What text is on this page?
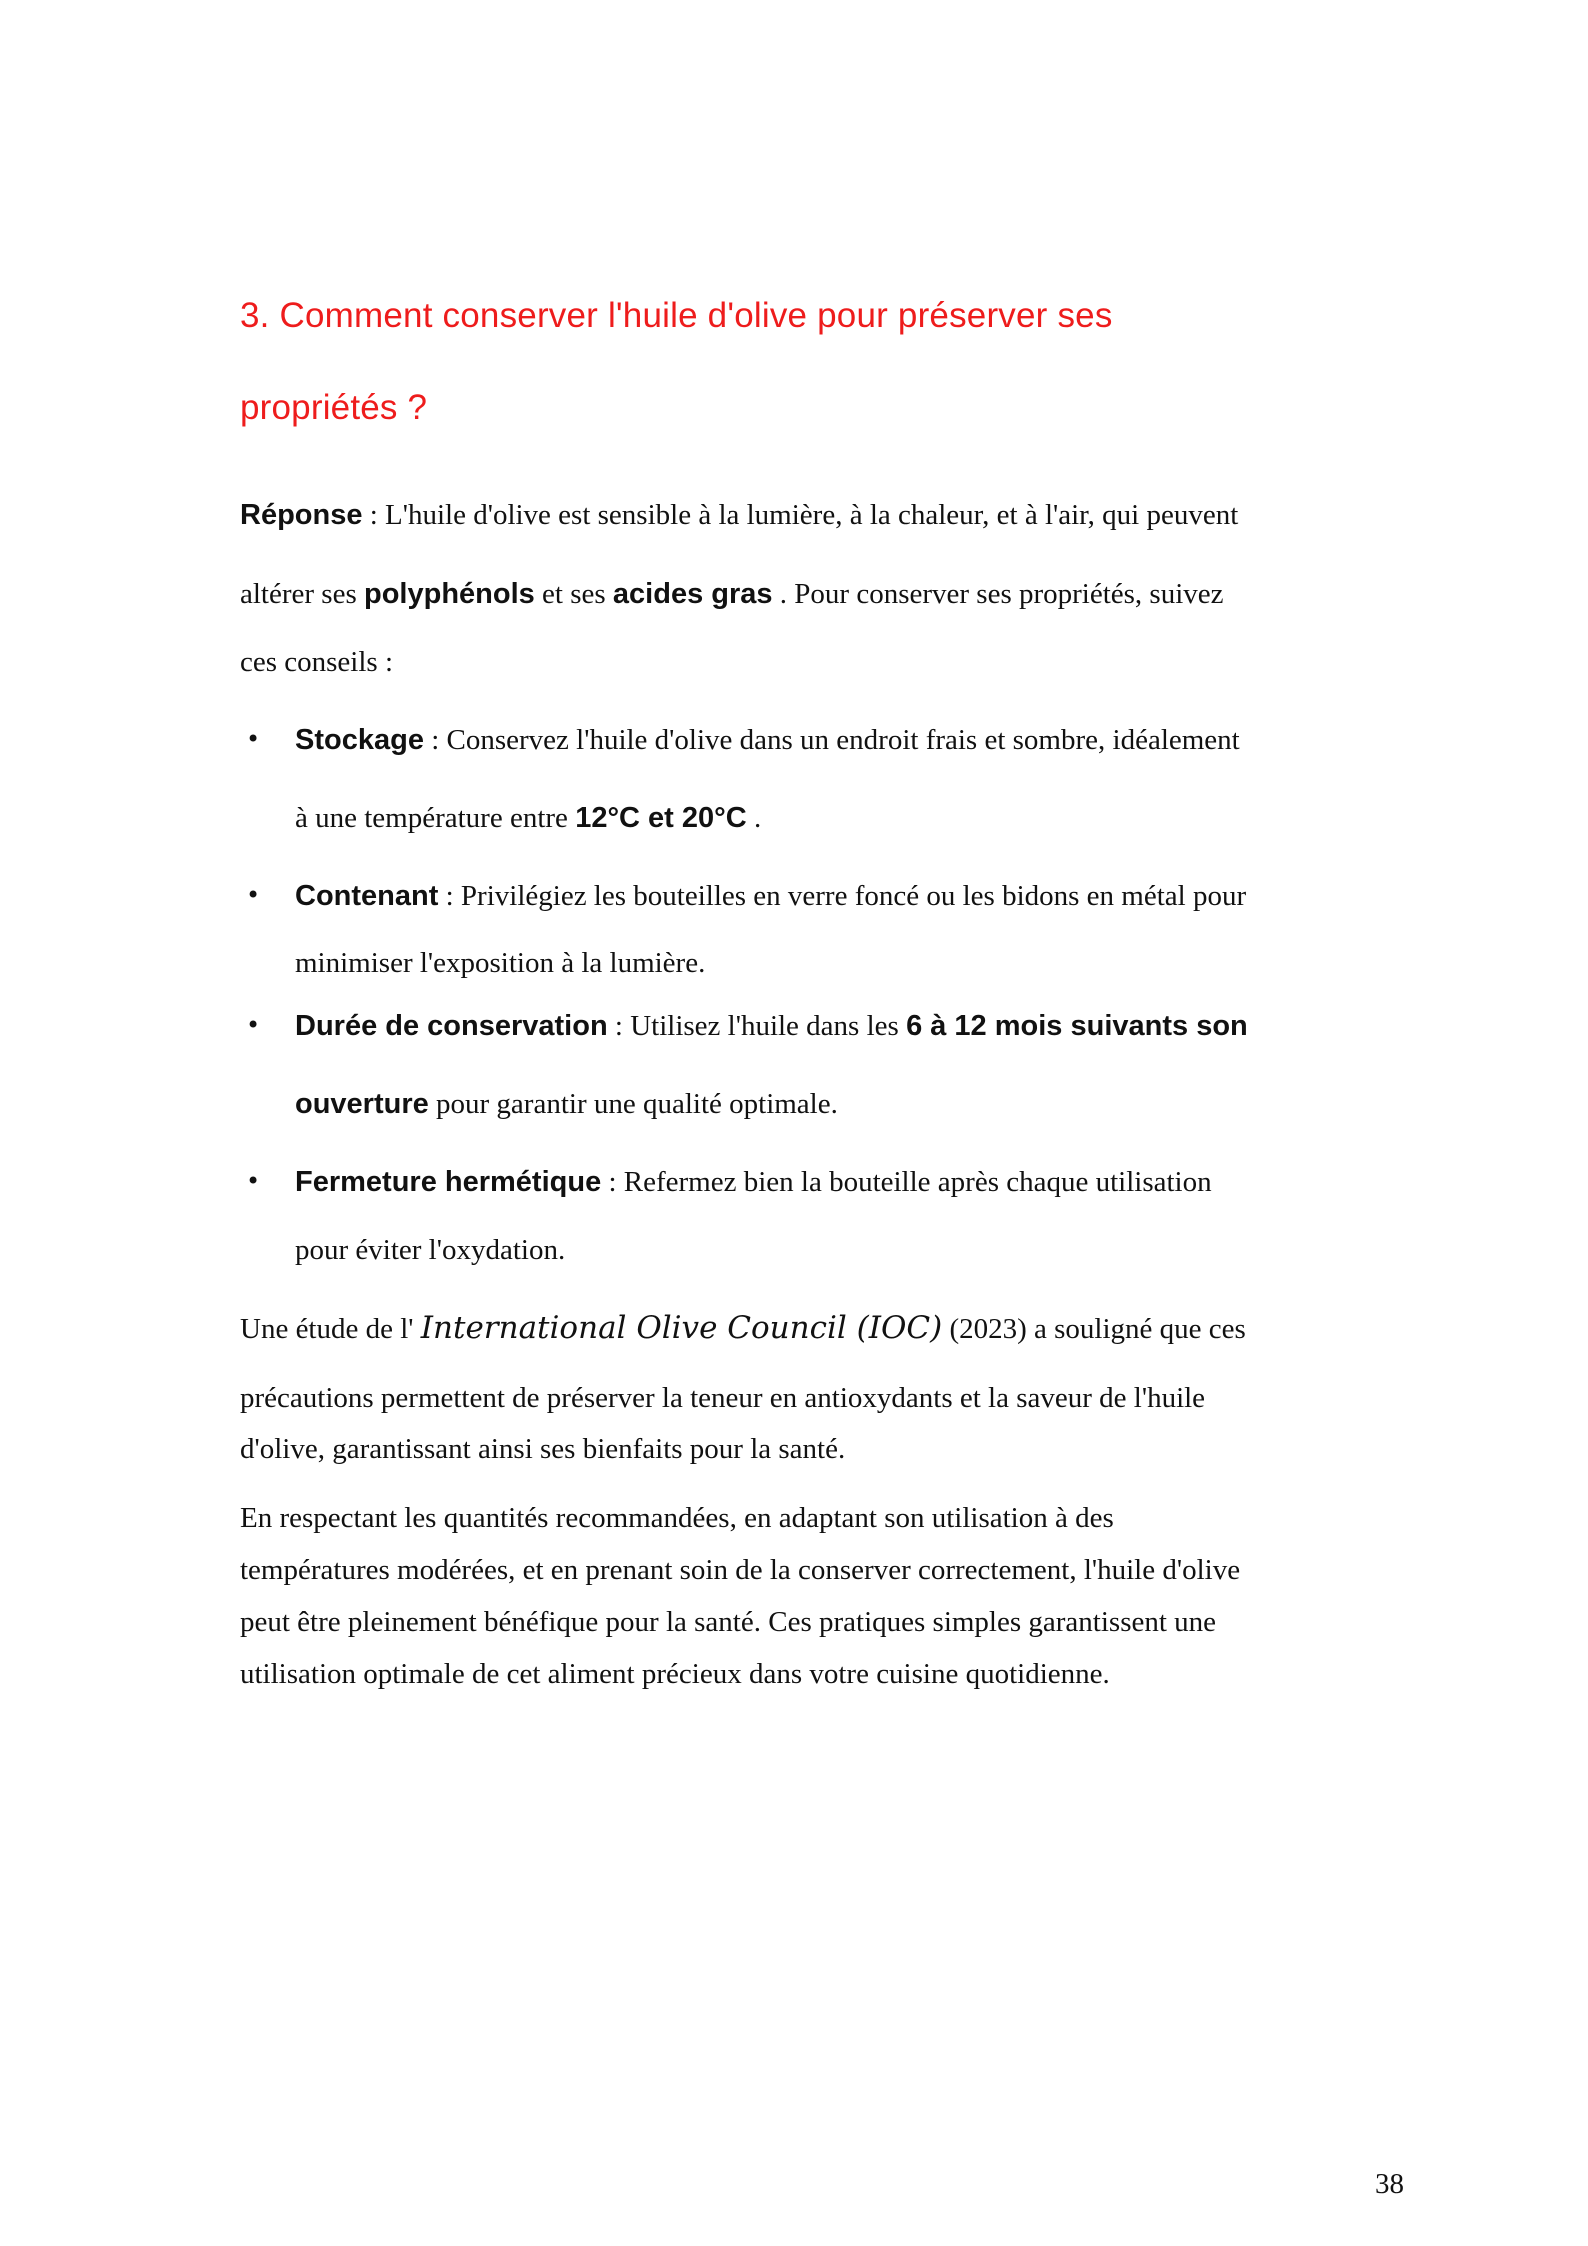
3. Comment conserver l'huile d'olive pour préserver ses
propriétés ?
Réponse : L'huile d'olive est sensible à la lumière, à la chaleur, et à l'air, qui peuvent
altérer ses polyphénols et ses acides gras . Pour conserver ses propriétés, suivez
ces conseils :
• Stockage : Conservez l'huile d'olive dans un endroit frais et sombre, idéalement
à une température entre 12°C et 20°C .
• Contenant : Privilégiez les bouteilles en verre foncé ou les bidons en métal pour
minimiser l'exposition à la lumière.
• Durée de conservation : Utilisez l'huile dans les 6 à 12 mois suivants son
ouverture pour garantir une qualité optimale.
• Fermeture hermétique : Refermez bien la bouteille après chaque utilisation
pour éviter l'oxydation.
Une étude de l' International Olive Council (IOC) (2023) a souligné que ces
précautions permettent de préserver la teneur en antioxydants et la saveur de l'huile
d'olive, garantissant ainsi ses bienfaits pour la santé.
En respectant les quantités recommandées, en adaptant son utilisation à des
températures modérées, et en prenant soin de la conserver correctement, l'huile d'olive
peut être pleinement bénéfique pour la santé. Ces pratiques simples garantissent une
utilisation optimale de cet aliment précieux dans votre cuisine quotidienne.
38
